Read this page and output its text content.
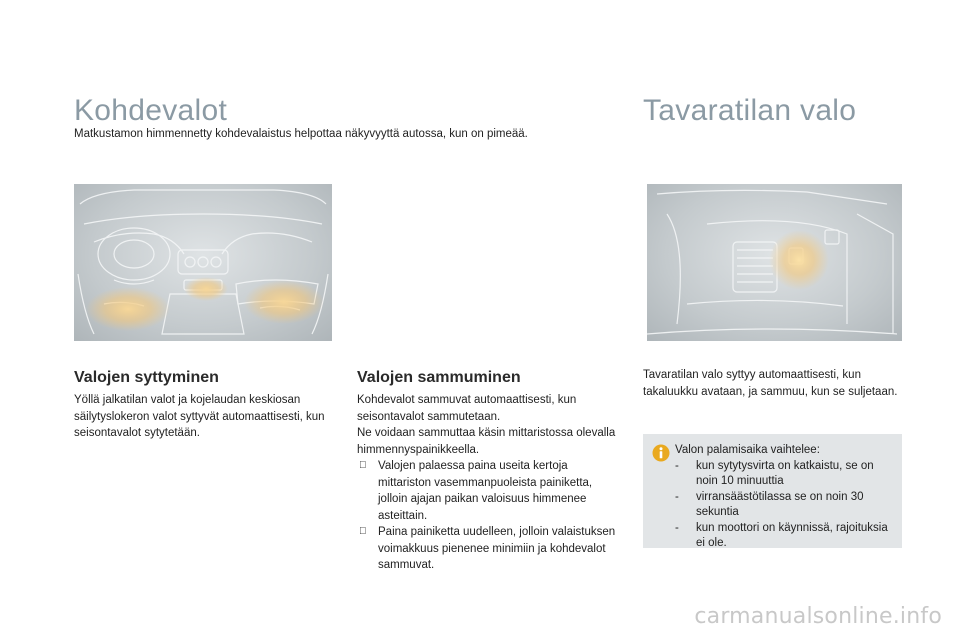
Kohdevalot
Matkustamon himmennetty kohdevalaistus helpottaa näkyvyyttä autossa, kun on pimeää.
Valojen syttyminen
Yöllä jalkatilan valot ja kojelaudan keskiosan säilytyslokeron valot syttyvät automaattisesti, kun seisontavalot sytytetään.
Valojen sammuminen
Kohdevalot sammuvat automaattisesti, kun seisontavalot sammutetaan.
Ne voidaan sammuttaa käsin mittaristossa olevalla himmennyspainikkeella.
Valojen palaessa paina useita kertoja mittariston vasemmanpuoleista painiketta, jolloin ajajan paikan valoisuus himmenee asteittain.
Paina painiketta uudelleen, jolloin valaistuksen voimakkuus pienenee minimiin ja kohdevalot sammuvat.
Tavaratilan valo
Tavaratilan valo syttyy automaattisesti, kun takaluukku avataan, ja sammuu, kun se suljetaan.
Valon palamisaika vaihtelee:
- kun sytytysvirta on katkaistu, se on noin 10 minuuttia
- virransäästötilassa se on noin 30 sekuntia
- kun moottori on käynnissä, rajoituksia ei ole.
carmanualsonline.info
